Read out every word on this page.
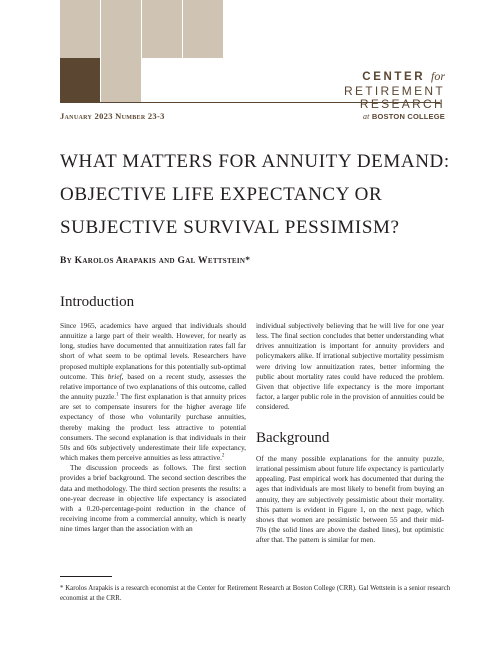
January 2023 Number 23-3
CENTER for
RETIREMENT
RESEARCH
at BOSTON COLLEGE
WHAT MATTERS FOR ANNUITY DEMAND:
OBJECTIVE LIFE EXPECTANCY OR
SUBJECTIVE SURVIVAL PESSIMISM?
By Karolos Arapakis and Gal Wettstein*
Introduction

Since 1965, academics have argued that individuals should annuitize a large part of their wealth. However, for nearly as long, studies have documented that annuitization rates fall far short of what seem to be optimal levels. Researchers have proposed multiple explanations for this potentially sub-optimal outcome. This brief, based on a recent study, assesses the relative importance of two explanations of this outcome, called the annuity puzzle.$^1$ The first explanation is that annuity prices are set to compensate insurers for the higher average life expectancy of those who voluntarily purchase annuities, thereby making the product less attractive to potential consumers. The second explanation is that individuals in their 50s and 60s subjectively underestimate their life expectancy, which makes them perceive annuities as less attractive.$^2$

The discussion proceeds as follows. The first section provides a brief background. The second section describes the data and methodology. The third section presents the results: a one-year decrease in objective life expectancy is associated with a 0.20-percentage-point reduction in the chance of receiving income from a commercial annuity, which is nearly nine times larger than the association with an

individual subjectively believing that he will live for one year less. The final section concludes that better understanding what drives annuitization is important for annuity providers and policymakers alike. If irrational subjective mortality pessimism were driving low annuitization rates, better informing the public about mortality rates could have reduced the problem. Given that objective life expectancy is the more important factor, a larger public role in the provision of annuities could be considered.

Background

Of the many possible explanations for the annuity puzzle, irrational pessimism about future life expectancy is particularly appealing. Past empirical work has documented that during the ages that individuals are most likely to benefit from buying an annuity, they are subjectively pessimistic about their mortality. This pattern is evident in Figure 1, on the next page, which shows that women are pessimistic between 55 and their mid-70s (the solid lines are above the dashed lines), but optimistic after that. The pattern is similar for men.

* Karolos Arapakis is a research economist at the Center for Retirement Research at Boston College (CRR). Gal Wettstein is a senior research economist at the CRR.
